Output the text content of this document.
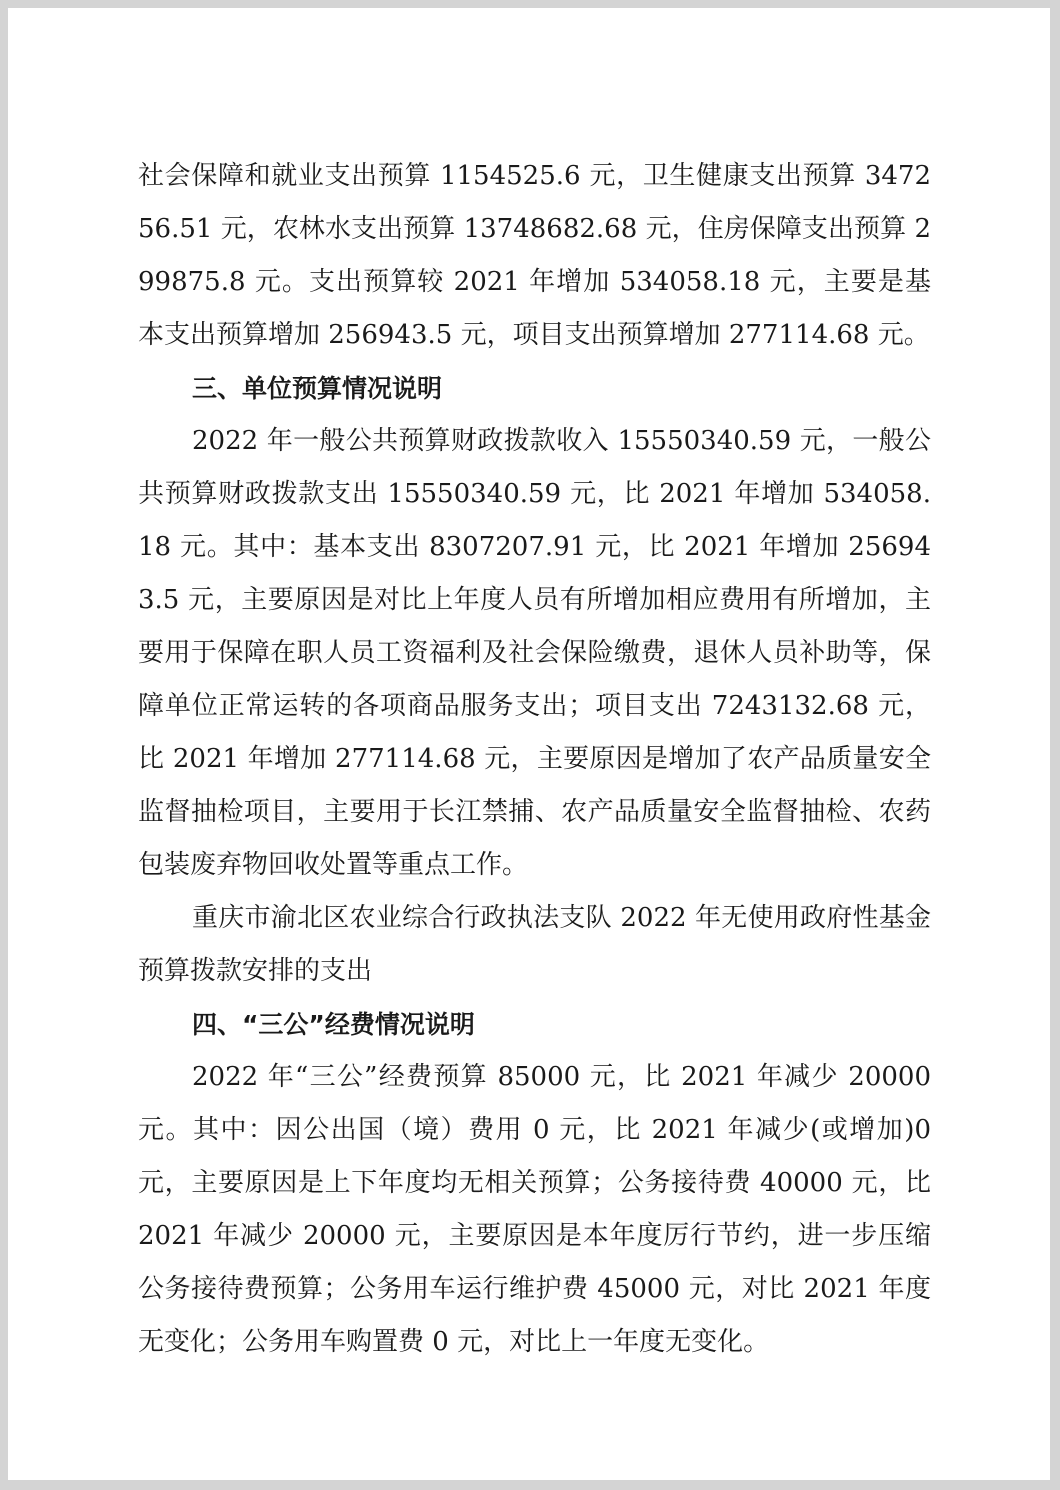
社会保障和就业支出预算 1154525.6 元，卫生健康支出预算 347256.51 元，农林水支出预算 13748682.68 元，住房保障支出预算 299875.8 元。支出预算较 2021 年增加 534058.18 元，主要是基本支出预算增加 256943.5 元，项目支出预算增加 277114.68 元。

三、单位预算情况说明

2022 年一般公共预算财政拨款收入 15550340.59 元，一般公共预算财政拨款支出 15550340.59 元，比 2021 年增加 534058.18 元。其中：基本支出 8307207.91 元，比 2021 年增加 256943.5 元，主要原因是对比上年度人员有所增加相应费用有所增加，主要用于保障在职人员工资福利及社会保险缴费，退休人员补助等，保障单位正常运转的各项商品服务支出；项目支出 7243132.68 元，比 2021 年增加 277114.68 元，主要原因是增加了农产品质量安全监督抽检项目，主要用于长江禁捕、农产品质量安全监督抽检、农药包装废弃物回收处置等重点工作。

重庆市渝北区农业综合行政执法支队 2022 年无使用政府性基金预算拨款安排的支出

四、“三公”经费情况说明

2022 年“三公”经费预算 85000 元，比 2021 年减少 20000 元。其中：因公出国（境）费用 0 元，比 2021 年减少(或增加)0 元，主要原因是上下年度均无相关预算；公务接待费 40000 元，比 2021 年减少 20000 元，主要原因是本年度厉行节约，进一步压缩公务接待费预算；公务用车运行维护费 45000 元，对比 2021 年度无变化；公务用车购置费 0 元，对比上一年度无变化。
